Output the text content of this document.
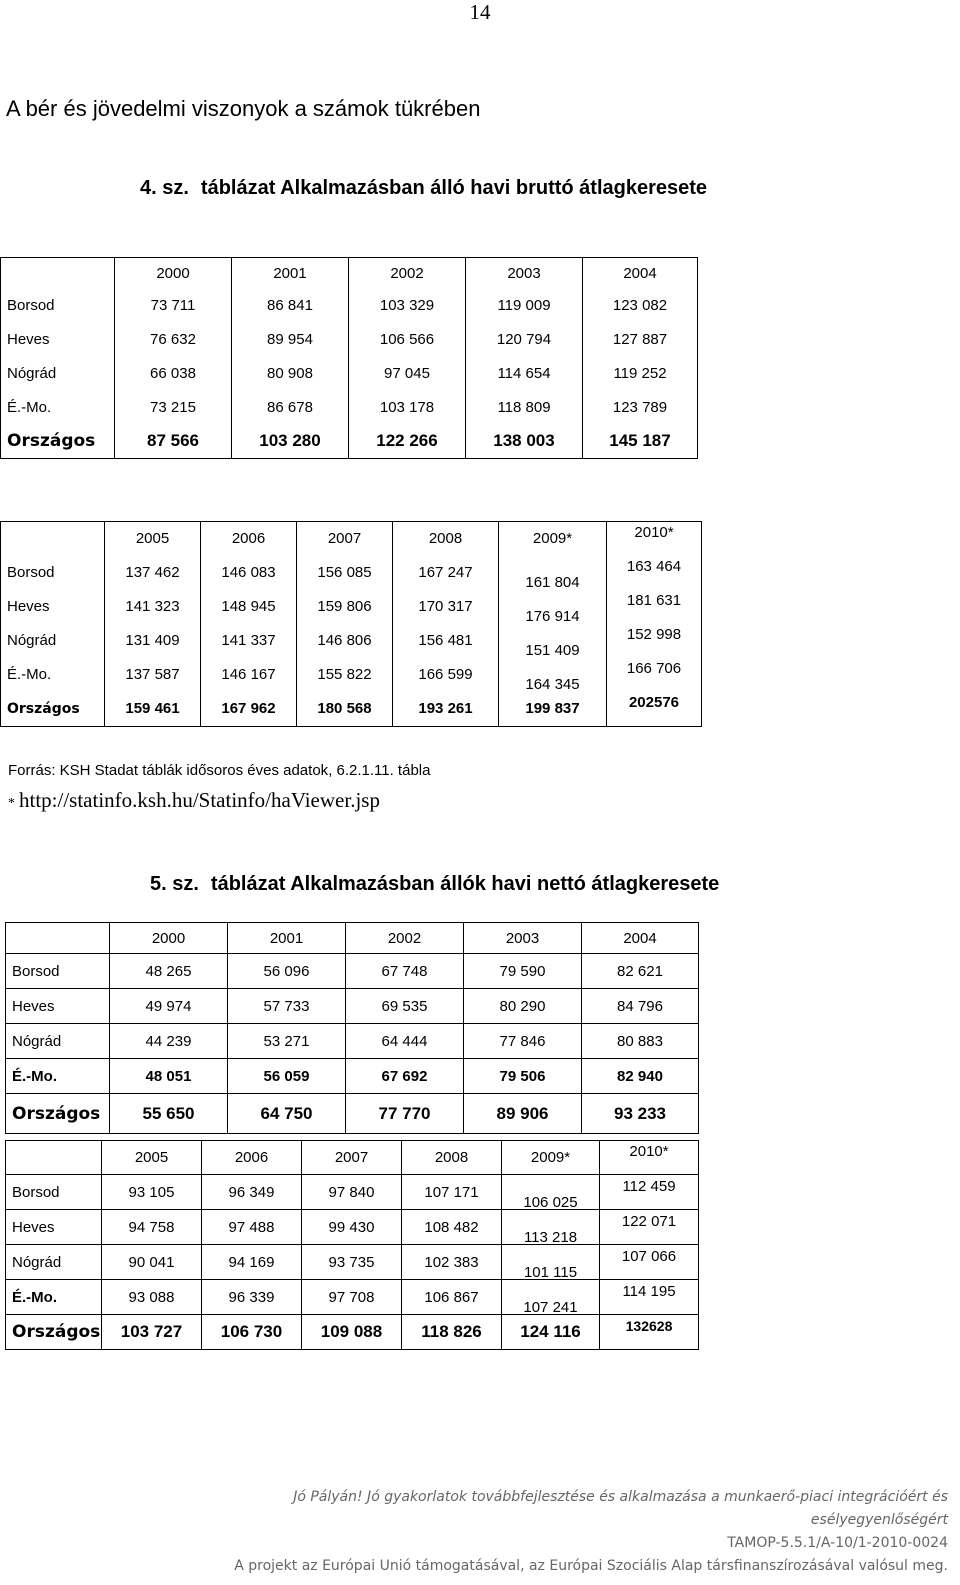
14
A bér és jövedelmi viszonyok a számok tükrében
4. sz. táblázat Alkalmazásban álló havi bruttó átlagkeresete
	2000	2001	2002	2003	2004
Borsod	73 711	86 841	103 329	119 009	123 082
Heves	76 632	89 954	106 566	120 794	127 887
Nógrád	66 038	80 908	97 045	114 654	119 252
É.-Mo.	73 215	86 678	103 178	118 809	123 789
Országos	87 566	103 280	122 266	138 003	145 187
	2005	2006	2007	2008	2009*	2010*
Borsod	137 462	146 083	156 085	167 247	161 804	163 464
Heves	141 323	148 945	159 806	170 317	176 914	181 631
Nógrád	131 409	141 337	146 806	156 481	151 409	152 998
É.-Mo.	137 587	146 167	155 822	166 599	164 345	166 706
Országos	159 461	167 962	180 568	193 261	199 837	202576
Forrás: KSH Stadat táblák idősoros éves adatok, 6.2.1.11. tábla
* http://statinfo.ksh.hu/Statinfo/haViewer.jsp
5. sz. táblázat Alkalmazásban állók havi nettó átlagkeresete
	2000	2001	2002	2003	2004
Borsod	48 265	56 096	67 748	79 590	82 621
Heves	49 974	57 733	69 535	80 290	84 796
Nógrád	44 239	53 271	64 444	77 846	80 883
É.-Mo.	48 051	56 059	67 692	79 506	82 940
Országos	55 650	64 750	77 770	89 906	93 233
	2005	2006	2007	2008	2009*	2010*
Borsod	93 105	96 349	97 840	107 171	106 025	112 459
Heves	94 758	97 488	99 430	108 482	113 218	122 071
Nógrád	90 041	94 169	93 735	102 383	101 115	107 066
É.-Mo.	93 088	96 339	97 708	106 867	107 241	114 195
Országos	103 727	106 730	109 088	118 826	124 116	132628
Jó Pályán! Jó gyakorlatok továbbfejlesztése és alkalmazása a munkaerő-piaci integrációért és
esélyegyenlőségért
TAMOP-5.5.1/A-10/1-2010-0024
A projekt az Európai Unió támogatásával, az Európai Szociális Alap társfinanszírozásával valósul meg.
